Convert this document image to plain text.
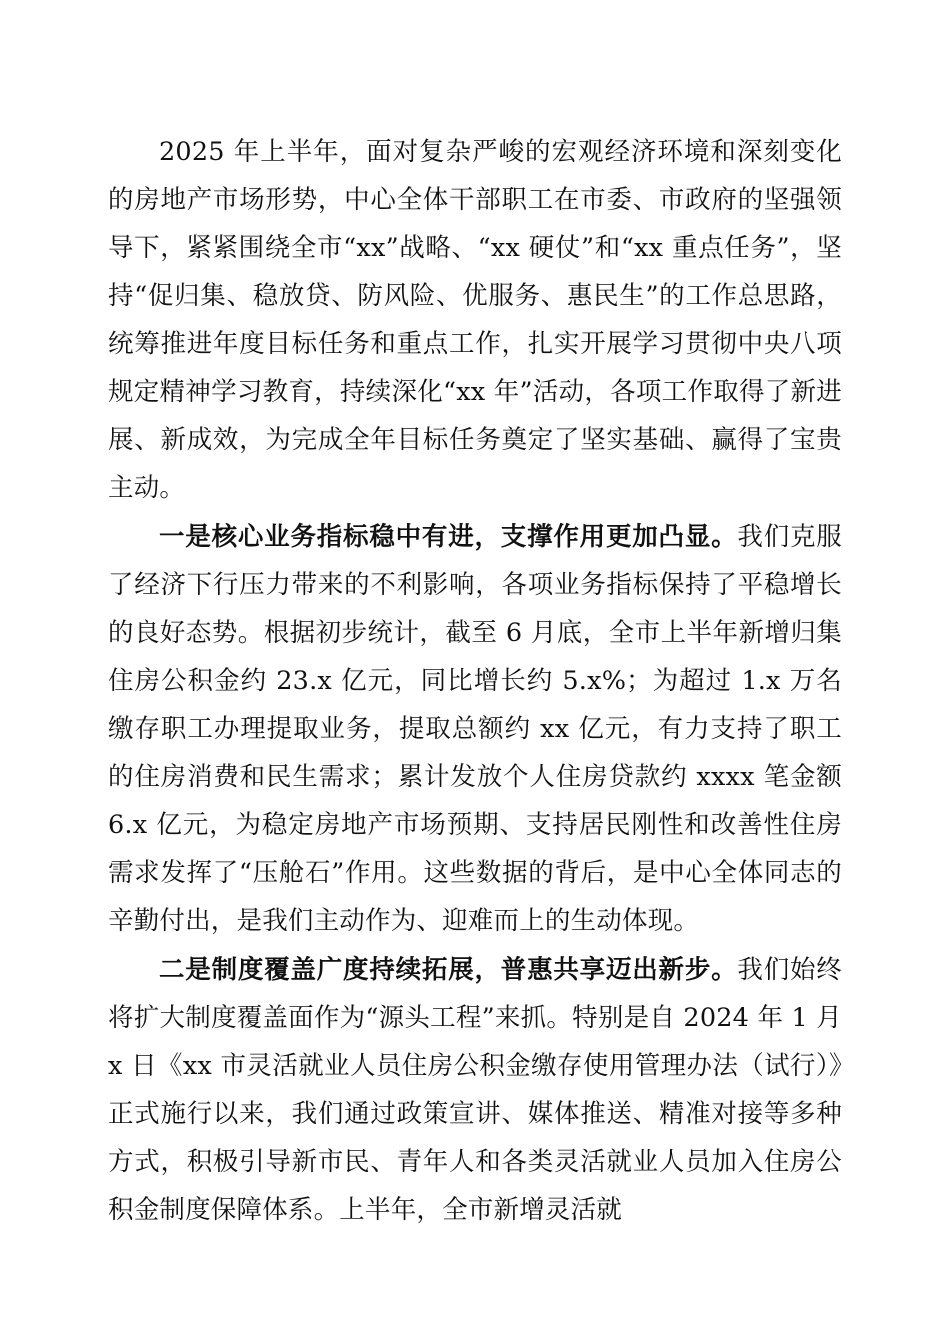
2025 年上半年，面对复杂严峻的宏观经济环境和深刻变化的房地产市场形势，中心全体干部职工在市委、市政府的坚强领导下，紧紧围绕全市“xx”战略、“xx 硬仗”和“xx 重点任务”，坚持“促归集、稳放贷、防风险、优服务、惠民生”的工作总思路，统筹推进年度目标任务和重点工作，扎实开展学习贯彻中央八项规定精神学习教育，持续深化“xx 年”活动，各项工作取得了新进展、新成效，为完成全年目标任务奠定了坚实基础、赢得了宝贵主动。

一是核心业务指标稳中有进，支撑作用更加凸显。我们克服了经济下行压力带来的不利影响，各项业务指标保持了平稳增长的良好态势。根据初步统计，截至 6 月底，全市上半年新增归集住房公积金约 23.x 亿元，同比增长约 5.x%；为超过 1.x 万名缴存职工办理提取业务，提取总额约 xx 亿元，有力支持了职工的住房消费和民生需求；累计发放个人住房贷款约 xxxx 笔金额 6.x 亿元，为稳定房地产市场预期、支持居民刚性和改善性住房需求发挥了“压舱石”作用。这些数据的背后，是中心全体同志的辛勤付出，是我们主动作为、迎难而上的生动体现。

二是制度覆盖广度持续拓展，普惠共享迈出新步。我们始终将扩大制度覆盖面作为“源头工程”来抓。特别是自 2024 年 1 月 x 日《xx 市灵活就业人员住房公积金缴存使用管理办法（试行）》正式施行以来，我们通过政策宣讲、媒体推送、精准对接等多种方式，积极引导新市民、青年人和各类灵活就业人员加入住房公积金制度保障体系。上半年，全市新增灵活就
